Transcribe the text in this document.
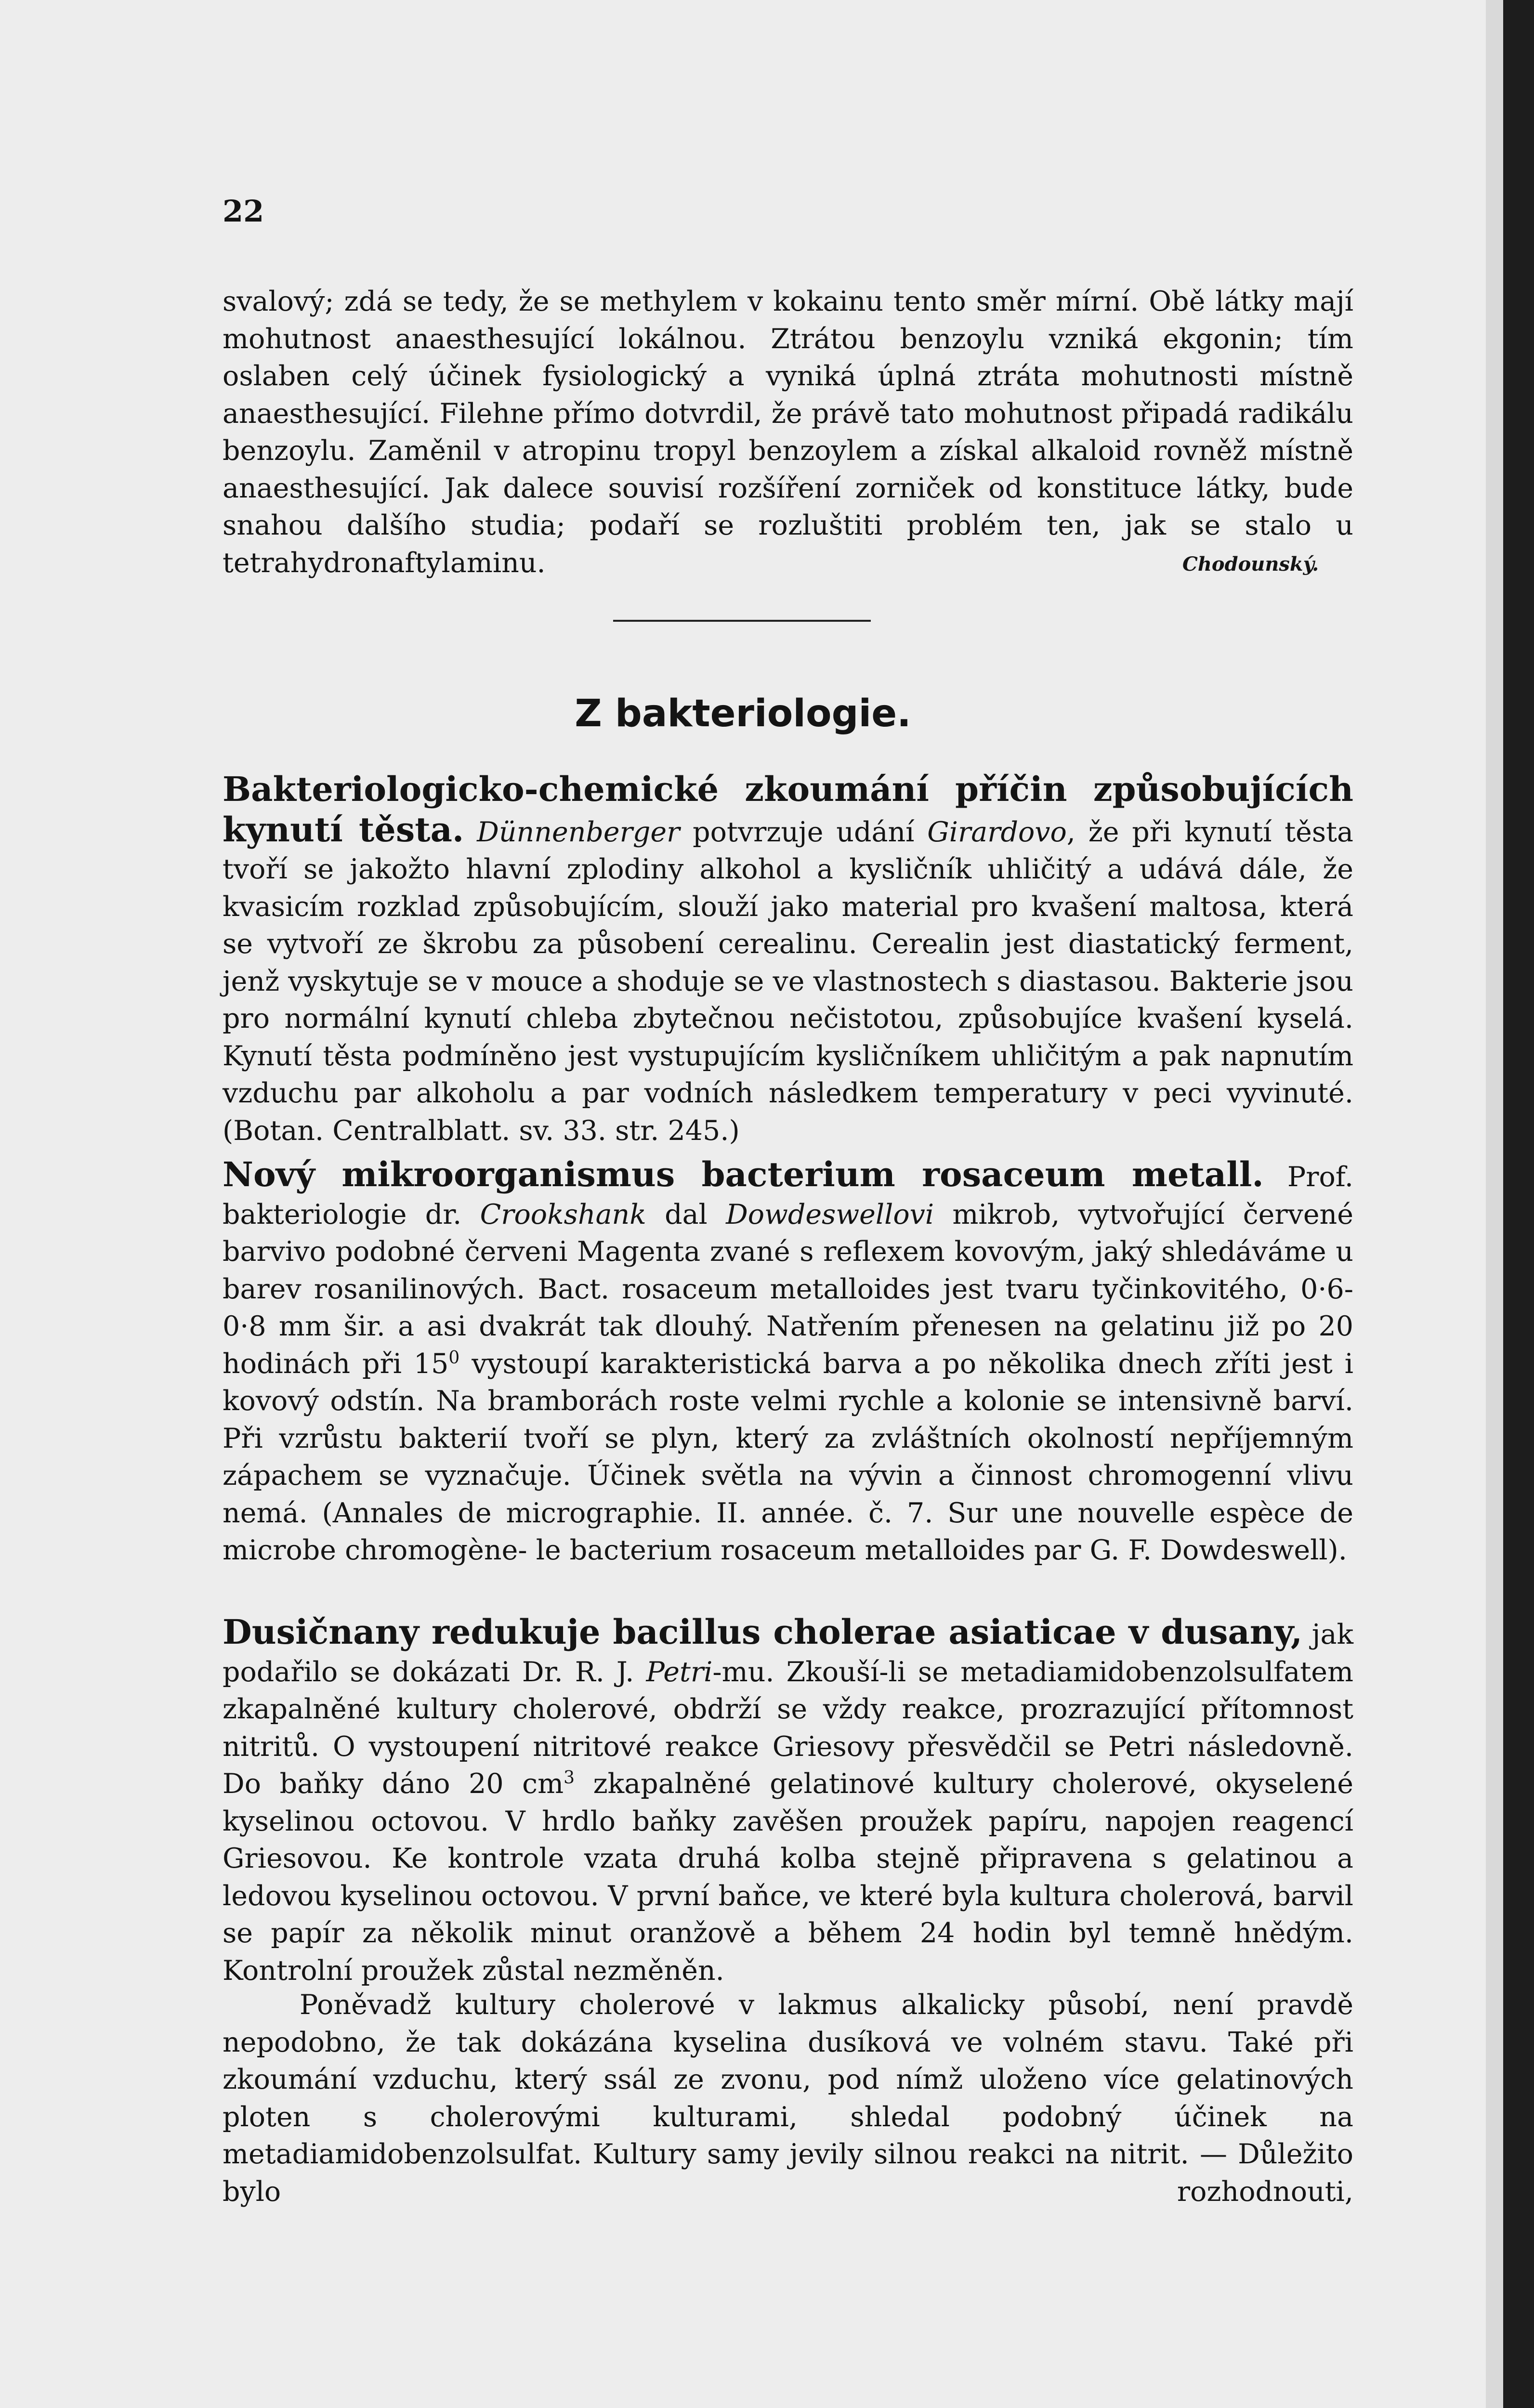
22

svalový; zdá se tedy, že se methylem v kokainu tento směr mírní. Obě látky mají mohutnost anaesthesující lokálnou. Ztrátou benzoylu vzniká ekgonin; tím oslaben celý účinek fysiologický a vyniká úplná ztráta mohutnosti místně anaesthesující. Filehne přímo dotvrdil, že právě tato mohutnost připadá radikálu benzoylu. Zaměnil v atropinu tropyl benzoylem a získal alkaloid rovněž místně anaesthesující. Jak dalece souvisí rozšíření zorniček od konstituce látky, bude snahou dalšího studia; podaří se rozluštiti problém ten, jak se stalo u tetrahydronaftylaminu.	Chodounský.
Z bakteriologie.

Bakteriologicko-chemické zkoumání příčin způsobujících kynutí těsta. Dünnenberger potvrzuje udání Girardovo, že při kynutí těsta tvoří se jakožto hlavní zplodiny alkohol a kysličník uhličitý a udává dále, že kvasicím rozklad způsobujícím, slouží jako material pro kvašení maltosa, která se vytvoří ze škrobu za působení cerealinu. Cerealin jest diastatický ferment, jenž vyskytuje se v mouce a shoduje se ve vlastnostech s diastasou. Bakterie jsou pro normální kynutí chleba zbytečnou nečistotou, způsobujíce kvašení kyselá. Kynutí těsta podmíněno jest vystupujícím kysličníkem uhličitým a pak napnutím vzduchu par alkoholu a par vodních následkem temperatury v peci vyvinuté. (Botan. Centralblatt. sv. 33. str. 245.)

Nový mikroorganismus bacterium rosaceum metall. Prof. bakteriologie dr. Crookshank dal Dowdeswellovi mikrob, vytvořující červené barvivo podobné červeni Magenta zvané s reflexem kovovým, jaký shledáváme u barev rosanilinových. Bact. rosaceum metalloides jest tvaru tyčinkovitého, 0·6-0·8 mm šir. a asi dvakrát tak dlouhý. Natřením přenesen na gelatinu již po 20 hodinách při $15^0$ vystoupí karakteristická barva a po několika dnech zříti jest i kovový odstín. Na bramborách roste velmi rychle a kolonie se intensivně barví. Při vzrůstu bakterií tvoří se plyn, který za zvláštních okolností nepříjemným zápachem se vyznačuje. Účinek světla na vývin a činnost chromogenní vlivu nemá. (Annales de micrographie. II. année. č. 7. Sur une nouvelle espèce de microbe chromogène- le bacterium rosaceum metalloides par G. F. Dowdeswell).

Dusičnany redukuje bacillus cholerae asiaticae v dusany, jak podařilo se dokázati Dr. R. J. Petri-mu. Zkouší-li se metadiamidobenzolsulfatem zkapalněné kultury cholerové, obdrží se vždy reakce, prozrazující přítomnost nitritů. O vystoupení nitritové reakce Griesovy přesvědčil se Petri následovně. Do baňky dáno 20 $cm^3$ zkapalněné gelatinové kultury cholerové, okyselené kyselinou octovou. V hrdlo baňky zavěšen proužek papíru, napojen reagencí Griesovou. Ke kontrole vzata druhá kolba stejně připravena s gelatinou a ledovou kyselinou octovou. V první baňce, ve které byla kultura cholerová, barvil se papír za několik minut oranžově a během 24 hodin byl temně hnědým. Kontrolní proužek zůstal nezměněn.

Poněvadž kultury cholerové v lakmus alkalicky působí, není pravdě nepodobno, že tak dokázána kyselina dusíková ve volném stavu. Také při zkoumání vzduchu, který ssál ze zvonu, pod nímž uloženo více gelatinových ploten s cholerovými kulturami, shledal podobný účinek na metadiamidobenzolsulfat. Kultury samy jevily silnou reakci na nitrit. — Důležito bylo rozhodnouti,
